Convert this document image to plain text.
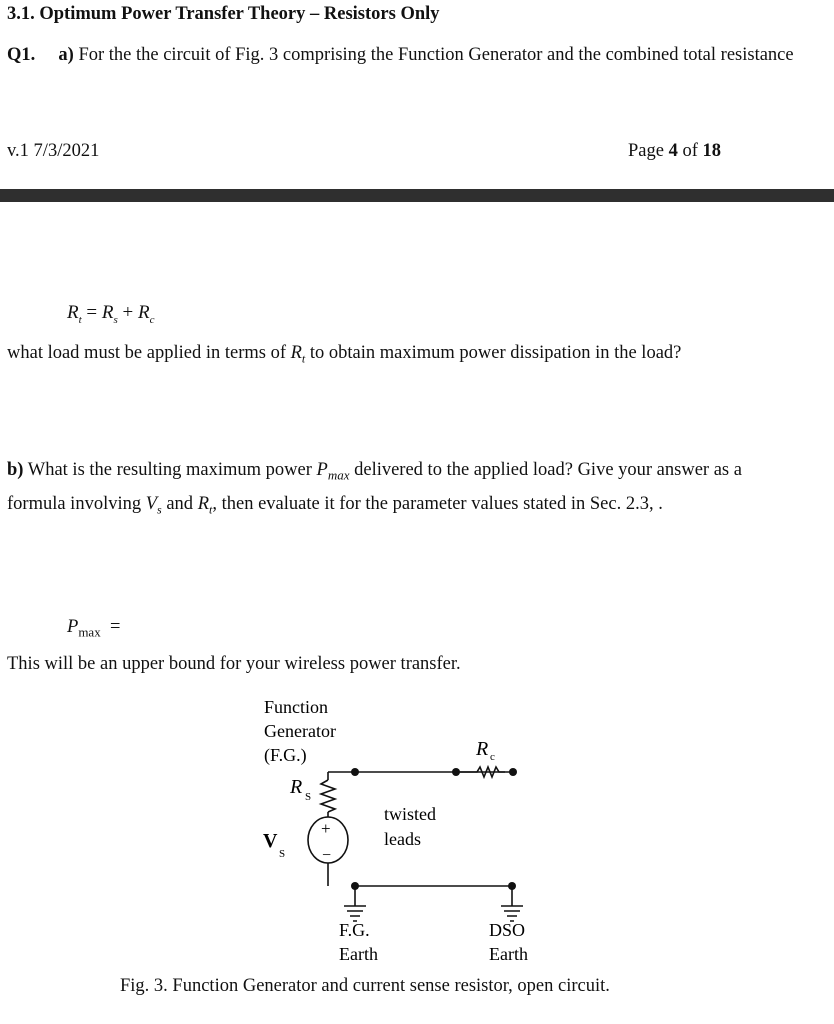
3.1. Optimum Power Transfer Theory – Resistors Only
Q1. a) For the the circuit of Fig. 3 comprising the Function Generator and the combined total resistance
v.1 7/3/2021	Page 4 of 18
$R_t = R_s + R_c$
what load must be applied in terms of $R_t$ to obtain maximum power dissipation in the load?
b) What is the resulting maximum power $P_{max}$ delivered to the applied load? Give your answer as a formula involving $V_s$ and $R_t$, then evaluate it for the parameter values stated in Sec. 2.3, .
$P_{max}$ =
This will be an upper bound for your wireless power transfer.
Function
Generator
(F.G.)
R S
R c
V
S
twisted
leads
F.G.
Earth
DSO
Earth
+
−
Fig. 3. Function Generator and current sense resistor, open circuit.
